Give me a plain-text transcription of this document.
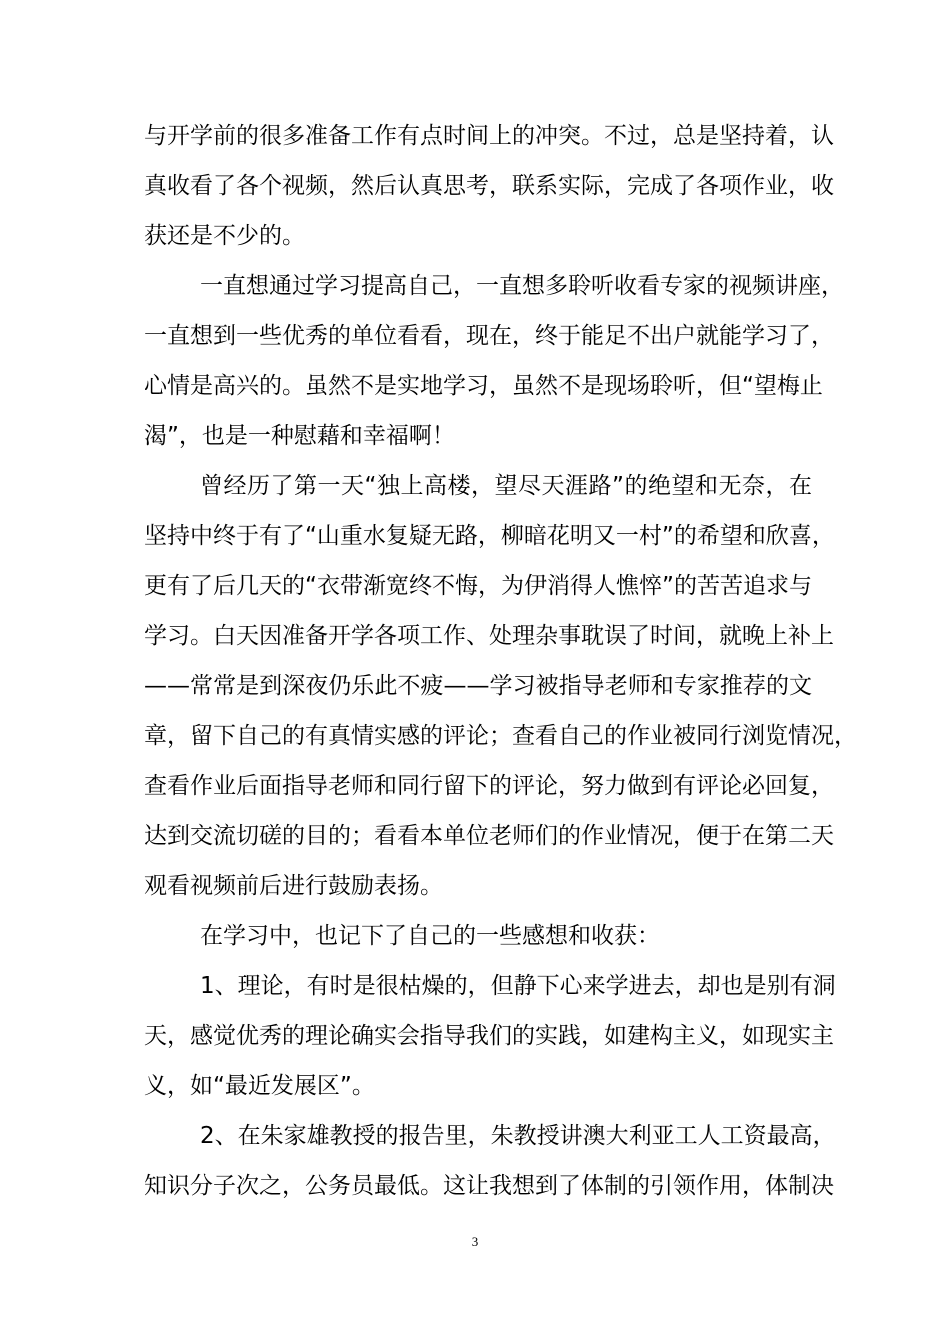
与开学前的很多准备工作有点时间上的冲突。不过，总是坚持着，认
真收看了各个视频，然后认真思考，联系实际，完成了各项作业，收
获还是不少的。
一直想通过学习提高自己，一直想多聆听收看专家的视频讲座，
一直想到一些优秀的单位看看，现在，终于能足不出户就能学习了，
心情是高兴的。虽然不是实地学习，虽然不是现场聆听，但“望梅止
渴”，也是一种慰藉和幸福啊！
曾经历了第一天“独上高楼，望尽天涯路”的绝望和无奈，在
坚持中终于有了“山重水复疑无路，柳暗花明又一村”的希望和欣喜，
更有了后几天的“衣带渐宽终不悔，为伊消得人憔悴”的苦苦追求与
学习。白天因准备开学各项工作、处理杂事耽误了时间，就晚上补上
——常常是到深夜仍乐此不疲——学习被指导老师和专家推荐的文
章，留下自己的有真情实感的评论；查看自己的作业被同行浏览情况，
查看作业后面指导老师和同行留下的评论，努力做到有评论必回复，
达到交流切磋的目的；看看本单位老师们的作业情况，便于在第二天
观看视频前后进行鼓励表扬。
在学习中，也记下了自己的一些感想和收获：
1、理论，有时是很枯燥的，但静下心来学进去，却也是别有洞
天，感觉优秀的理论确实会指导我们的实践，如建构主义，如现实主
义，如“最近发展区”。
2、在朱家雄教授的报告里，朱教授讲澳大利亚工人工资最高，
知识分子次之，公务员最低。这让我想到了体制的引领作用，体制决
3
